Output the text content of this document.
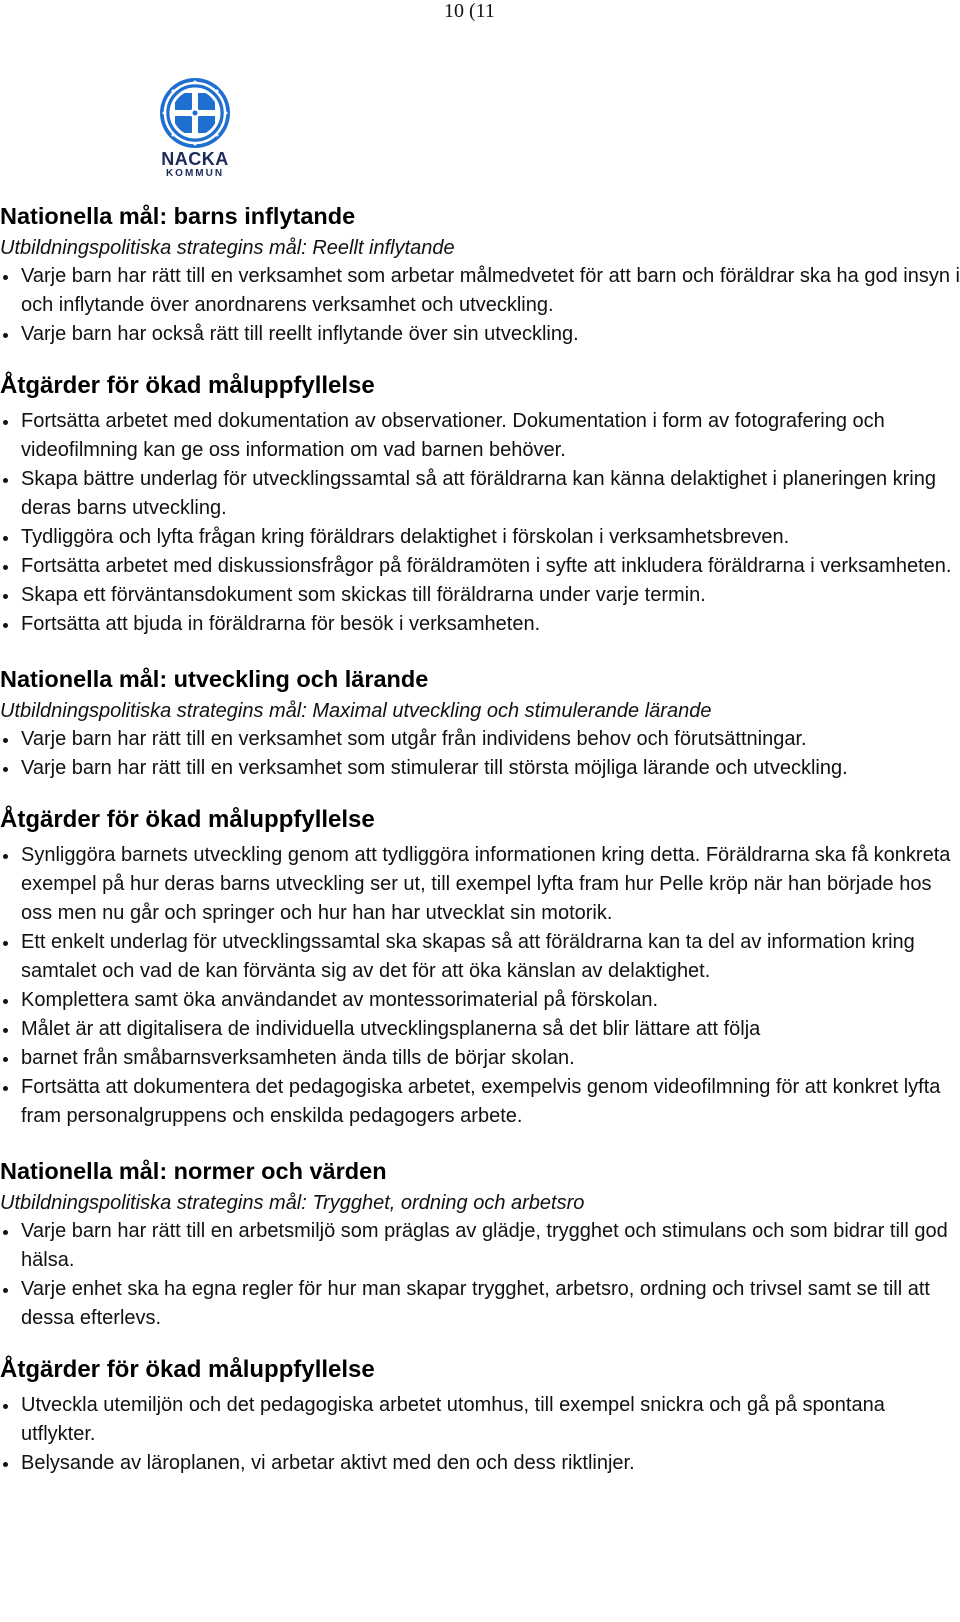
10 (11
NACKA
KOMMUN
Nationella mål: barns inflytande

Utbildningspolitiska strategins mål: Reellt inflytande

Varje barn har rätt till en verksamhet som arbetar målmedvetet för att barn och föräldrar ska ha god insyn i och inflytande över anordnarens verksamhet och utveckling.
Varje barn har också rätt till reellt inflytande över sin utveckling.
Åtgärder för ökad måluppfyllelse
Fortsätta arbetet med dokumentation av observationer. Dokumentation i form av fotografering och videofilmning kan ge oss information om vad barnen behöver.
Skapa bättre underlag för utvecklingssamtal så att föräldrarna kan känna delaktighet i planeringen kring deras barns utveckling.
Tydliggöra och lyfta frågan kring föräldrars delaktighet i förskolan i verksamhetsbreven.
Fortsätta arbetet med diskussionsfrågor på föräldramöten i syfte att inkludera föräldrarna i verksamheten.
Skapa ett förväntansdokument som skickas till föräldrarna under varje termin.
Fortsätta att bjuda in föräldrarna för besök i verksamheten.
Nationella mål: utveckling och lärande

Utbildningspolitiska strategins mål: Maximal utveckling och stimulerande lärande

Varje barn har rätt till en verksamhet som utgår från individens behov och förutsättningar.
Varje barn har rätt till en verksamhet som stimulerar till största möjliga lärande och utveckling.
Åtgärder för ökad måluppfyllelse
Synliggöra barnets utveckling genom att tydliggöra informationen kring detta. Föräldrarna ska få konkreta exempel på hur deras barns utveckling ser ut, till exempel lyfta fram hur Pelle kröp när han började hos oss men nu går och springer och hur han har utvecklat sin motorik.
Ett enkelt underlag för utvecklingssamtal ska skapas så att föräldrarna kan ta del av information kring samtalet och vad de kan förvänta sig av det för att öka känslan av delaktighet.
Komplettera samt öka användandet av montessorimaterial på förskolan.
Målet är att digitalisera de individuella utvecklingsplanerna så det blir lättare att följa
barnet från småbarnsverksamheten ända tills de börjar skolan.
Fortsätta att dokumentera det pedagogiska arbetet, exempelvis genom videofilmning för att konkret lyfta fram personalgruppens och enskilda pedagogers arbete.
Nationella mål: normer och värden

Utbildningspolitiska strategins mål: Trygghet, ordning och arbetsro

Varje barn har rätt till en arbetsmiljö som präglas av glädje, trygghet och stimulans och som bidrar till god hälsa.
Varje enhet ska ha egna regler för hur man skapar trygghet, arbetsro, ordning och trivsel samt se till att dessa efterlevs.
Åtgärder för ökad måluppfyllelse
Utveckla utemiljön och det pedagogiska arbetet utomhus, till exempel snickra och gå på spontana utflykter.
Belysande av läroplanen, vi arbetar aktivt med den och dess riktlinjer.
